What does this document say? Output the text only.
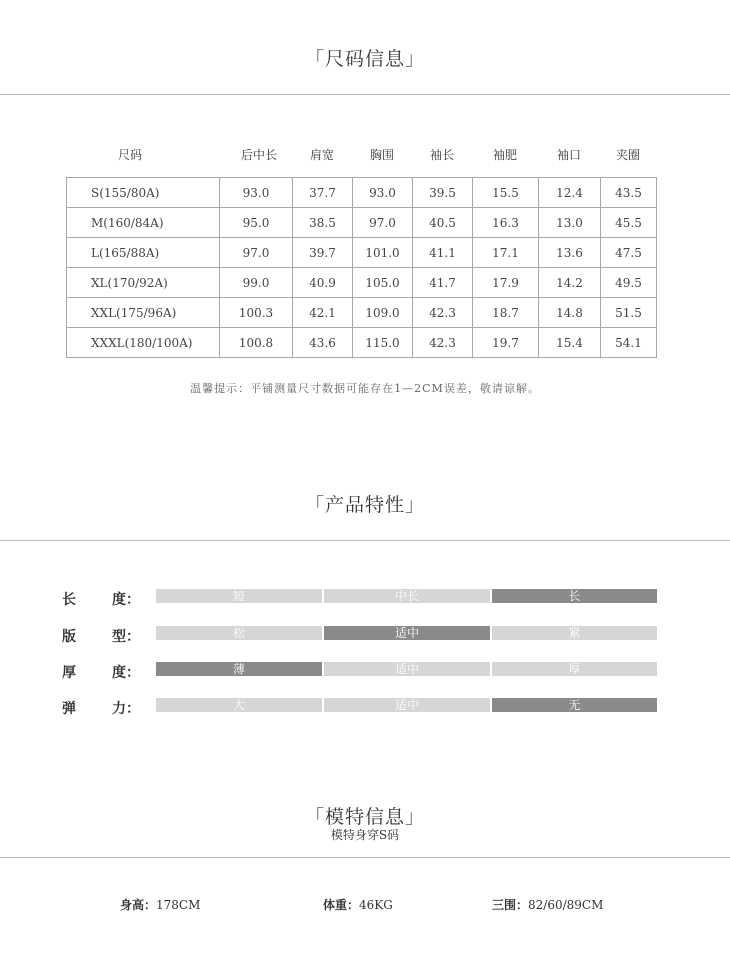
「尺码信息」
尺码	后中长	肩宽	胸围	袖长	袖肥	袖口	夹圈
S(155/80A)	93.0	37.7	93.0	39.5	15.5	12.4	43.5
M(160/84A)	95.0	38.5	97.0	40.5	16.3	13.0	45.5
L(165/88A)	97.0	39.7	101.0	41.1	17.1	13.6	47.5
XL(170/92A)	99.0	40.9	105.0	41.7	17.9	14.2	49.5
XXL(175/96A)	100.3	42.1	109.0	42.3	18.7	14.8	51.5
XXXL(180/100A)	100.8	43.6	115.0	42.3	19.7	15.4	54.1
温馨提示：平铺测量尺寸数据可能存在1—2CM误差，敬请谅解。
「产品特性」
长	度：	短	中长	长
版	型：	松	适中	紧
厚	度：	薄	适中	厚
弹	力：	大	适中	无
「模特信息」
模特身穿S码
身高：178CM	体重：46KG	三围：82/60/89CM
